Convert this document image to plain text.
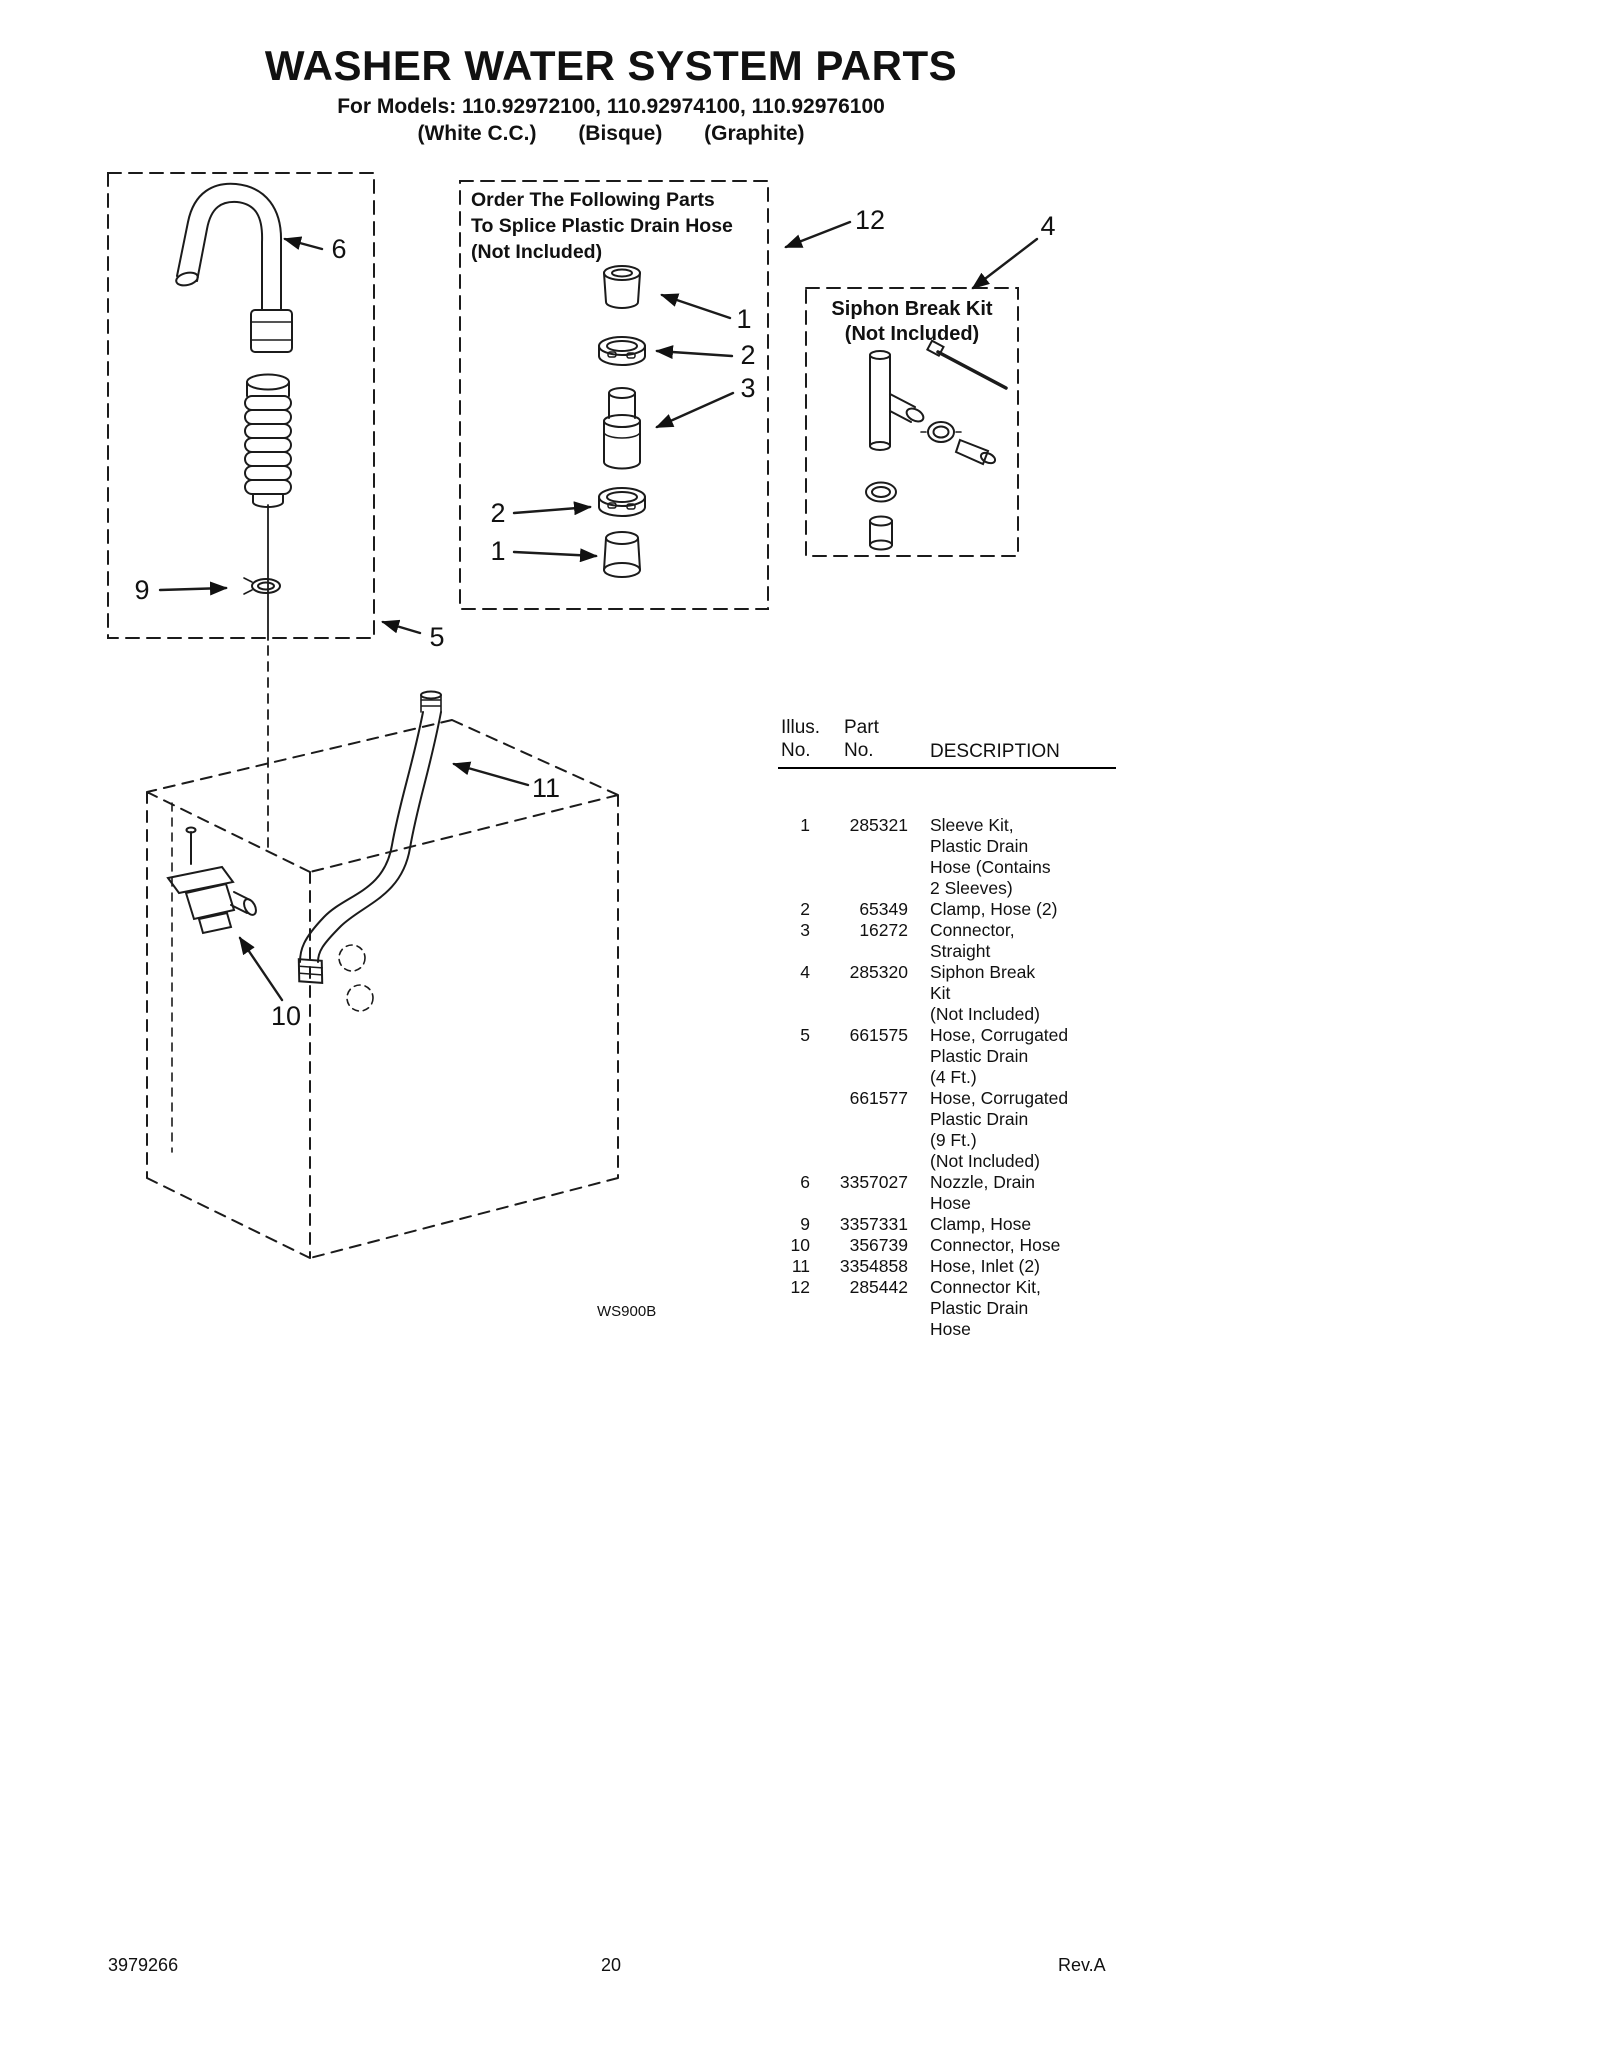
6
9
5
12	4
1
2
3
2
1
11
10
WASHER WATER SYSTEM PARTS
For Models: 110.92972100, 110.92974100, 110.92976100
(White C.C.) (Bisque) (Graphite)
Order The Following Parts
To Splice Plastic Drain Hose
(Not Included)
Siphon Break Kit
(Not Included)
WS900B
Illus.
No.
Part
No.	DESCRIPTION
1	285321 Sleeve Kit,
Plastic Drain
Hose (Contains
2 Sleeves)
2	65349 Clamp, Hose (2)
3	16272 Connector,
Straight
4	285320 Siphon Break
Kit
(Not Included)
5	661575 Hose, Corrugated
Plastic Drain
(4 Ft.)
661577 Hose, Corrugated
Plastic Drain
(9 Ft.)
(Not Included)
6	3357027 Nozzle, Drain
Hose
9	3357331 Clamp, Hose
10	356739 Connector, Hose
11	3354858 Hose, Inlet (2)
12	285442 Connector Kit,
Plastic Drain
Hose
3979266	20	Rev.A
